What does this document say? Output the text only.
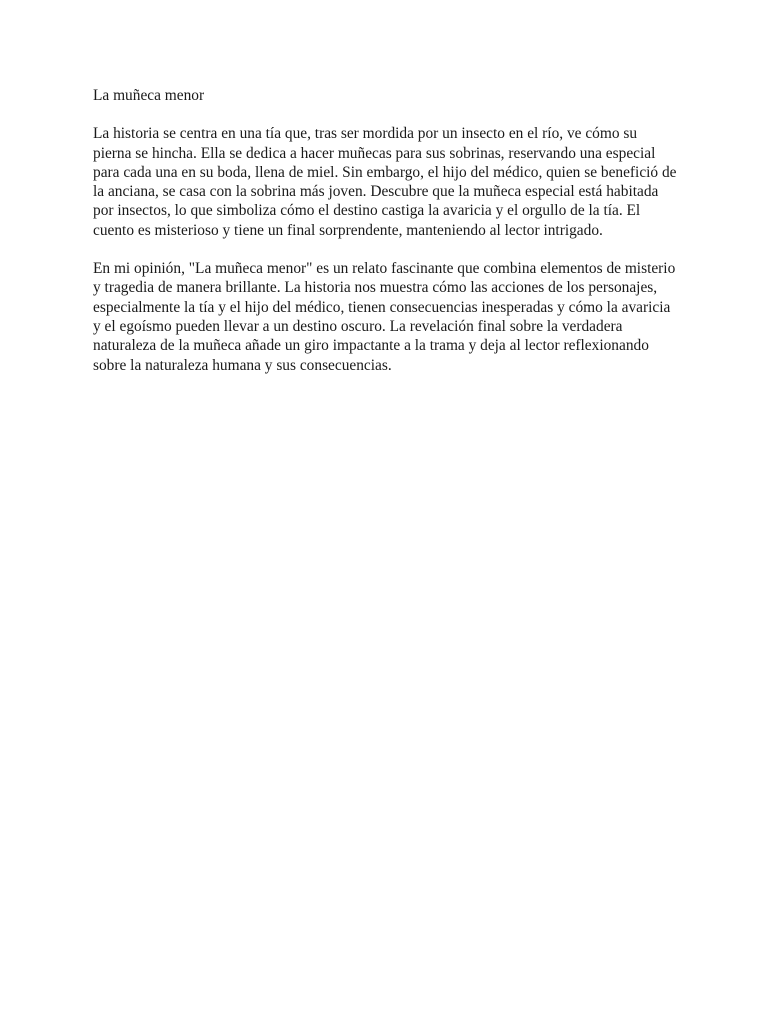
La muñeca menor

La historia se centra en una tía que, tras ser mordida por un insecto en el río, ve cómo su pierna se hincha. Ella se dedica a hacer muñecas para sus sobrinas, reservando una especial para cada una en su boda, llena de miel. Sin embargo, el hijo del médico, quien se benefició de la anciana, se casa con la sobrina más joven. Descubre que la muñeca especial está habitada por insectos, lo que simboliza cómo el destino castiga la avaricia y el orgullo de la tía. El cuento es misterioso y tiene un final sorprendente, manteniendo al lector intrigado.

En mi opinión, "La muñeca menor" es un relato fascinante que combina elementos de misterio y tragedia de manera brillante. La historia nos muestra cómo las acciones de los personajes, especialmente la tía y el hijo del médico, tienen consecuencias inesperadas y cómo la avaricia y el egoísmo pueden llevar a un destino oscuro. La revelación final sobre la verdadera naturaleza de la muñeca añade un giro impactante a la trama y deja al lector reflexionando sobre la naturaleza humana y sus consecuencias.
